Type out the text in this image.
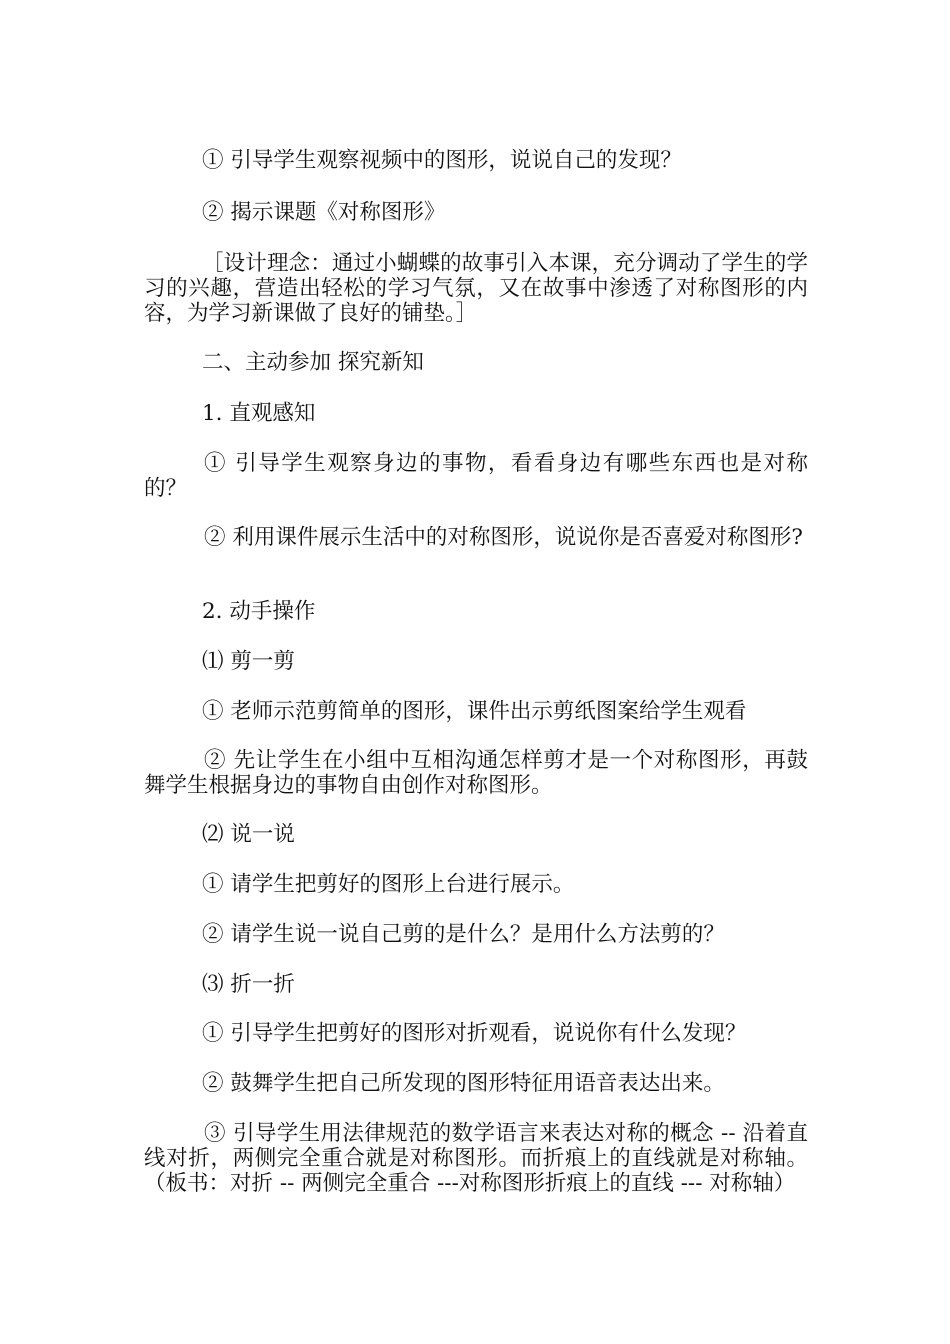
① 引导学生观察视频中的图形，说说自己的发现？
② 揭示课题《对称图形》
［设计理念：通过小蝴蝶的故事引入本课，充分调动了学生的学习的兴趣，营造出轻松的学习气氛，又在故事中渗透了对称图形的内容，为学习新课做了良好的铺垫。］
二、主动参加 探究新知
1. 直观感知
① 引导学生观察身边的事物，看看身边有哪些东西也是对称的？
② 利用课件展示生活中的对称图形，说说你是否喜爱对称图形?
2. 动手操作
⑴ 剪一剪
① 老师示范剪简单的图形，课件出示剪纸图案给学生观看
② 先让学生在小组中互相沟通怎样剪才是一个对称图形，再鼓舞学生根据身边的事物自由创作对称图形。
⑵ 说一说
① 请学生把剪好的图形上台进行展示。
② 请学生说一说自己剪的是什么？是用什么方法剪的？
⑶ 折一折
① 引导学生把剪好的图形对折观看，说说你有什么发现？
② 鼓舞学生把自己所发现的图形特征用语音表达出来。
③ 引导学生用法律规范的数学语言来表达对称的概念 -- 沿着直线对折，两侧完全重合就是对称图形。而折痕上的直线就是对称轴。（板书：对折 -- 两侧完全重合 ---对称图形折痕上的直线 --- 对称轴）
